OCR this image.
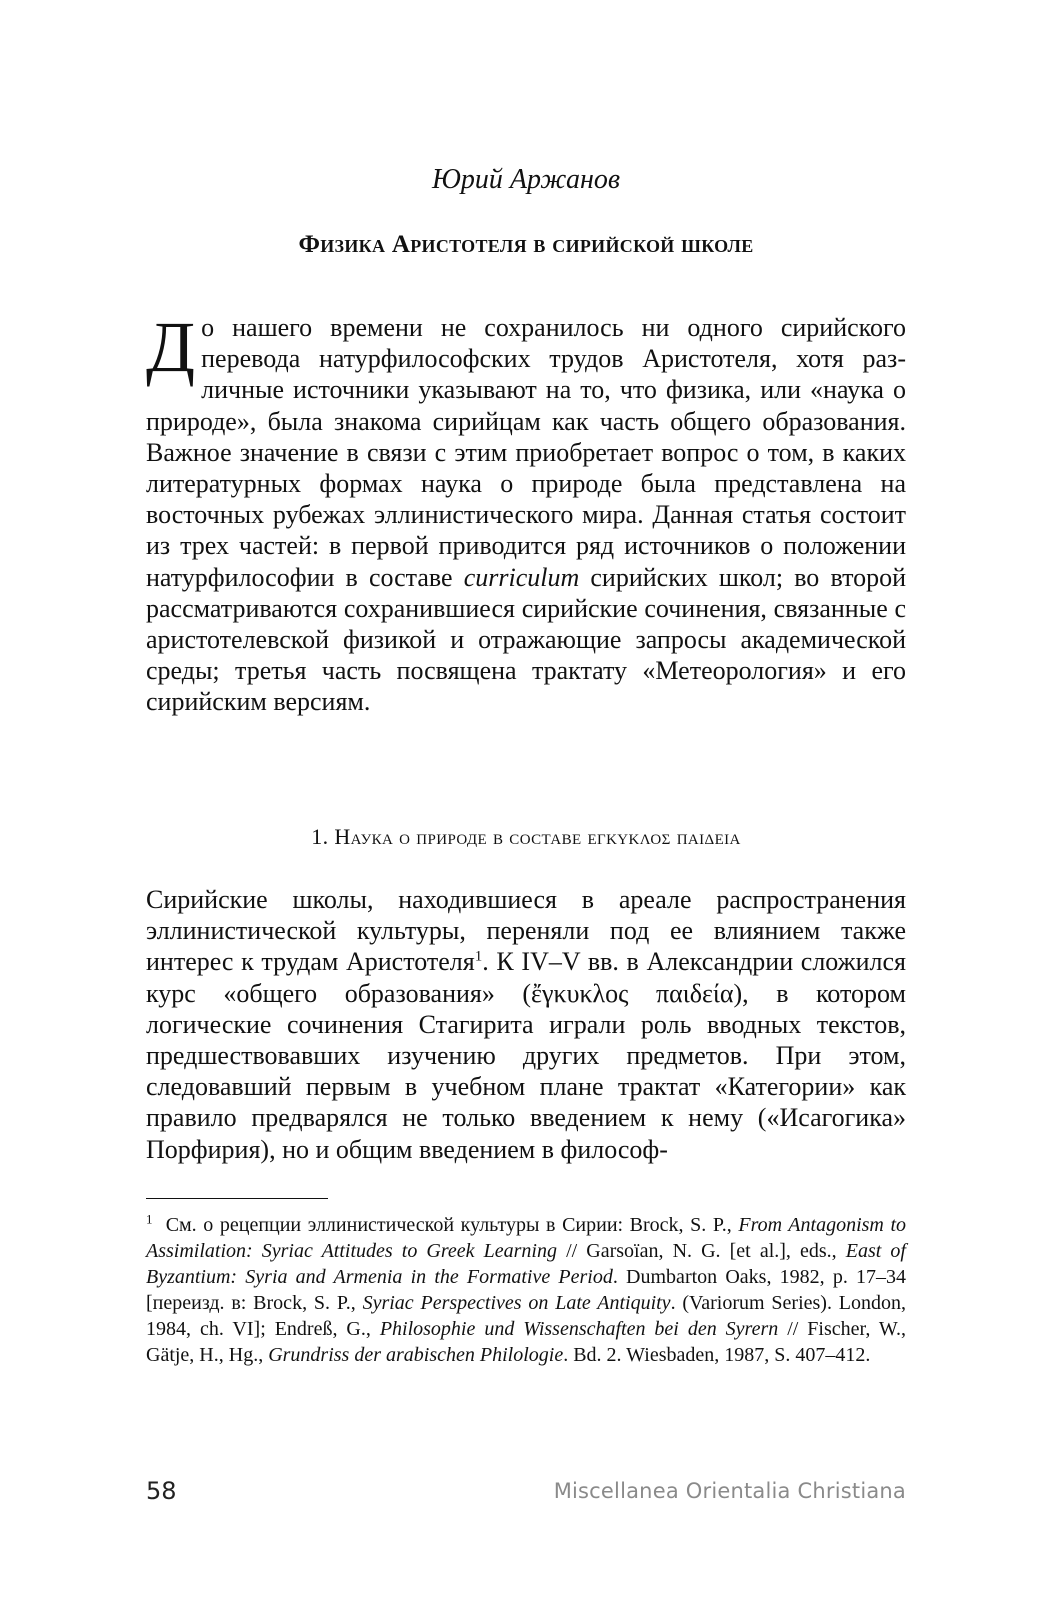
Юрий Аржанов
Физика Аристотеля в сирийской школе

До нашего времени не сохранилось ни одного сирийского перевода натурфилософских трудов Аристотеля, хотя различные источники указывают на то, что физика, или «наука о природе», была знакома сирийцам как часть общего образования. Важное значение в связи с этим приобретает вопрос о том, в каких литературных формах наука о природе была представлена на восточных рубежах эллинистического мира. Данная статья состоит из трех частей: в первой приводится ряд источников о положении натурфилософии в составе curriculum сирийских школ; во второй рассматриваются сохранившиеся сирийские сочинения, связанные с аристотелевской физикой и отражающие запросы академической среды; третья часть посвящена трактату «Метеорология» и его сирийским версиям.

1. Наука о природе в составе εγκυκλος παιδεια

Сирийские школы, находившиеся в ареале распространения эллинистической культуры, переняли под ее влиянием также интерес к трудам Аристотеля$^1$. К IV–V вв. в Александрии сложился курс «общего образования» (ἔγκυκλος παιδεία), в котором логические сочинения Стагирита играли роль вводных текстов, предшествовавших изучению других предметов. При этом, следовавший первым в учебном плане трактат «Категории» как правило предварялся не только введением к нему («Исагогика» Порфирия), но и общим введением в философ-

$^1$ См. о рецепции эллинистической культуры в Сирии: Brock, S. P., From Antagonism to Assimilation: Syriac Attitudes to Greek Learning // Garsoïan, N. G. [et al.], eds., East of Byzantium: Syria and Armenia in the Formative Period. Dumbarton Oaks, 1982, p. 17–34 [переизд. в: Brock, S. P., Syriac Perspectives on Late Antiquity. (Variorum Series). London, 1984, ch. VI]; Endreß, G., Philosophie und Wissenschaften bei den Syrern // Fischer, W., Gätje, H., Hg., Grundriss der arabischen Philologie. Bd. 2. Wiesbaden, 1987, S. 407–412.

58	Miscellanea Orientalia Christiana
